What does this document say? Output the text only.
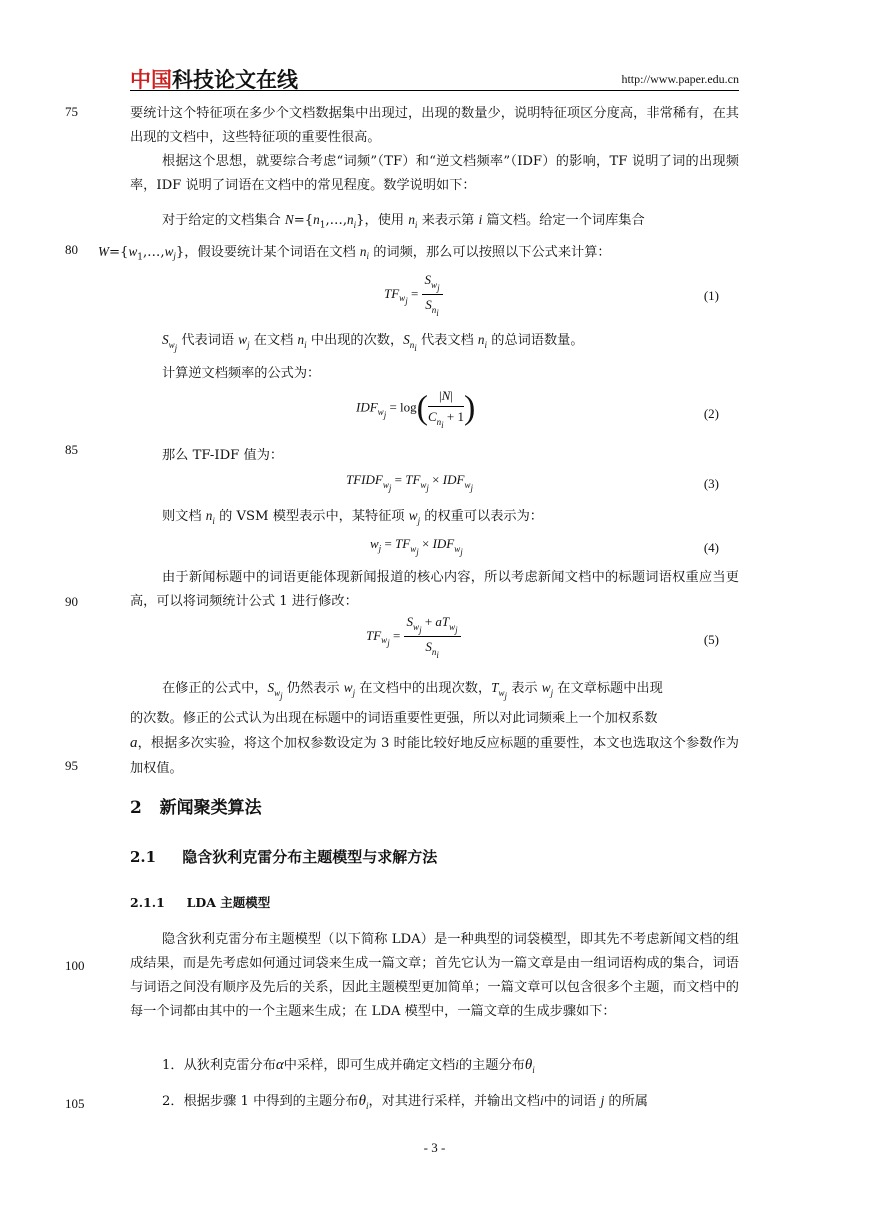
中国科技论文在线	http://www.paper.edu.cn
75
80
85
90
95
100
105
要统计这个特征项在多少个文档数据集中出现过，出现的数量少，说明特征项区分度高，非常稀有，在其出现的文档中，这些特征项的重要性很高。
根据这个思想，就要综合考虑“词频”（TF）和“逆文档频率”（IDF）的影响，TF 说明了词的出现频率，IDF 说明了词语在文档中的常见程度。数学说明如下：
对于给定的文档集合 $N=\{n_1,\dots,n_i\}$，使用 $n_i$ 来表示第 i 篇文档。给定一个词库集合
$W=\{w_1,\dots,w_j\}$，假设要统计某个词语在文档 $n_i$ 的词频，那么可以按照以下公式来计算：
$TF_{w_j} = \frac{S_{w_j}}{S_{n_i}}$	(1)
$S_{w_j}$ 代表词语 $w_j$ 在文档 $n_i$ 中出现的次数，$S_{n_i}$ 代表文档 $n_i$ 的总词语数量。
计算逆文档频率的公式为：
$IDF_{w_j} = \log( \frac{|N|}{C_{n_i} + 1}$ )	(2)
那么 TF-IDF 值为：
$TFIDF_{w_j} = TF_{w_j} \times IDF_{w_j}$	(3)
则文档 $n_i$ 的 VSM 模型表示中，某特征项 $w_j$ 的权重可以表示为：
$w_j = TF_{w_j} \times IDF_{w_j}$	(4)
由于新闻标题中的词语更能体现新闻报道的核心内容，所以考虑新闻文档中的标题词语权重应当更高，可以将词频统计公式 1 进行修改：
$TF_{w_j} = \frac{S_{w_j} + aT_{w_j}}{S_{n_i}}$	(5)
在修正的公式中，$S_{w_j}$ 仍然表示 $w_j$ 在文档中的出现次数，$T_{w_j}$ 表示 $w_j$ 在文章标题中出现
的次数。修正的公式认为出现在标题中的词语重要性更强，所以对此词频乘上一个加权系数
a，根据多次实验，将这个加权参数设定为 3 时能比较好地反应标题的重要性，本文也选取这个参数作为加权值。
2 新闻聚类算法
2.1 隐含狄利克雷分布主题模型与求解方法
2.1.1 LDA 主题模型
隐含狄利克雷分布主题模型（以下简称 LDA）是一种典型的词袋模型，即其先不考虑新闻文档的组成结果，而是先考虑如何通过词袋来生成一篇文章；首先它认为一篇文章是由一组词语构成的集合，词语与词语之间没有顺序及先后的关系，因此主题模型更加简单；一篇文章可以包含很多个主题，而文档中的每一个词都由其中的一个主题来生成；在 LDA 模型中，一篇文章的生成步骤如下：
1．从狄利克雷分布α中采样，即可生成并确定文档i的主题分布$\theta_i$
2．根据步骤 1 中得到的主题分布$\theta_i$，对其进行采样，并输出文档i中的词语 j 的所属
- 3 -
